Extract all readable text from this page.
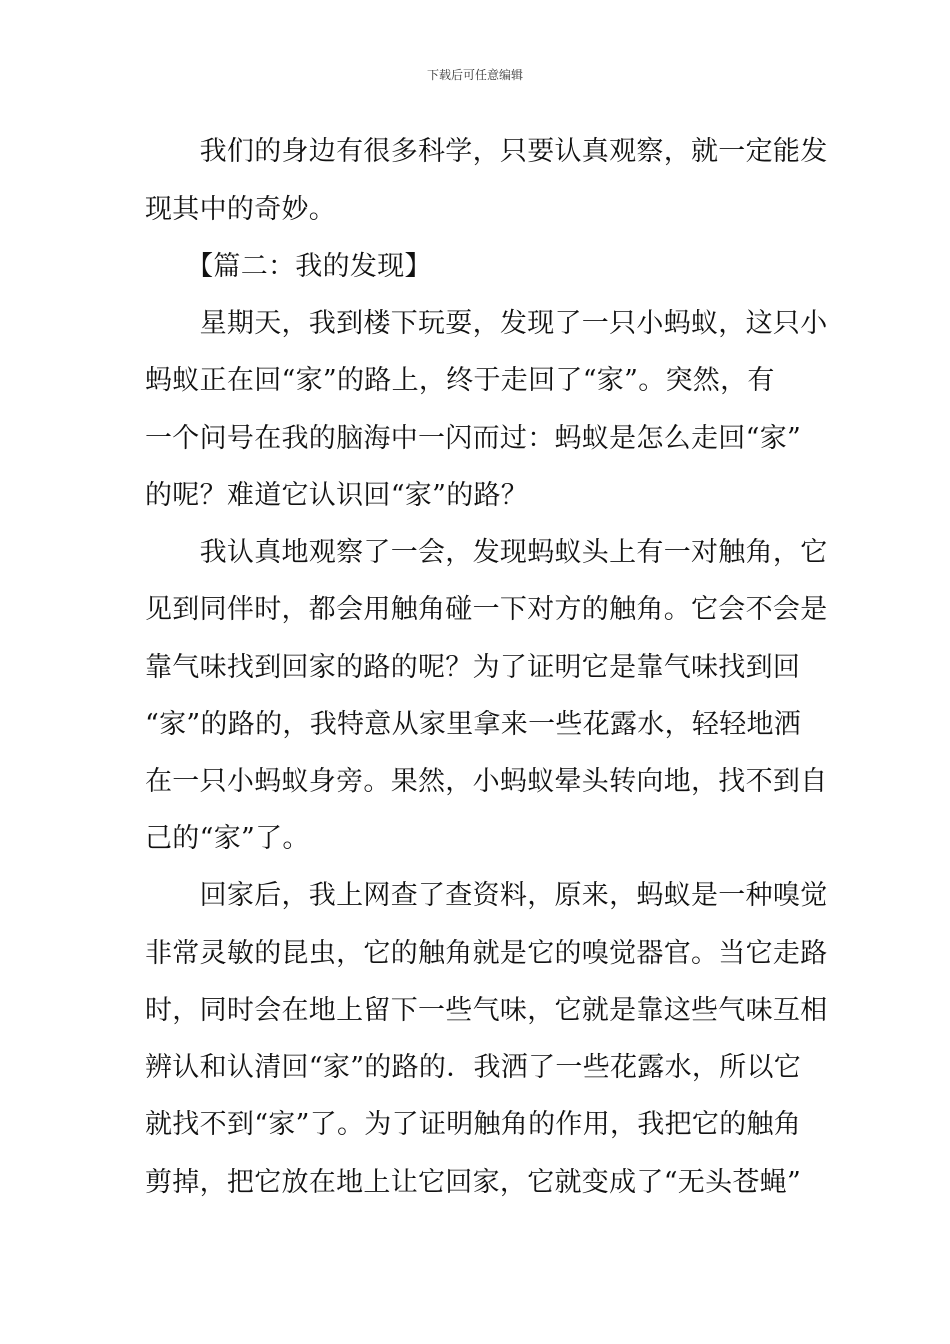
下载后可任意编辑
　　我们的身边有很多科学，只要认真观察，就一定能发
现其中的奇妙。
　　【篇二：我的发现】
　　星期天，我到楼下玩耍，发现了一只小蚂蚁，这只小
蚂蚁正在回“家”的路上，终于走回了“家”。突然，有
一个问号在我的脑海中一闪而过：蚂蚁是怎么走回“家”
的呢？难道它认识回“家”的路？
　　我认真地观察了一会，发现蚂蚁头上有一对触角，它
见到同伴时，都会用触角碰一下对方的触角。它会不会是
靠气味找到回家的路的呢？为了证明它是靠气味找到回
“家”的路的，我特意从家里拿来一些花露水，轻轻地洒
在一只小蚂蚁身旁。果然，小蚂蚁晕头转向地，找不到自
己的“家”了。
　　回家后，我上网查了查资料，原来，蚂蚁是一种嗅觉
非常灵敏的昆虫，它的触角就是它的嗅觉器官。当它走路
时，同时会在地上留下一些气味，它就是靠这些气味互相
辨认和认清回“家”的路的．我洒了一些花露水，所以它
就找不到“家”了。为了证明触角的作用，我把它的触角
剪掉，把它放在地上让它回家，它就变成了“无头苍蝇”
